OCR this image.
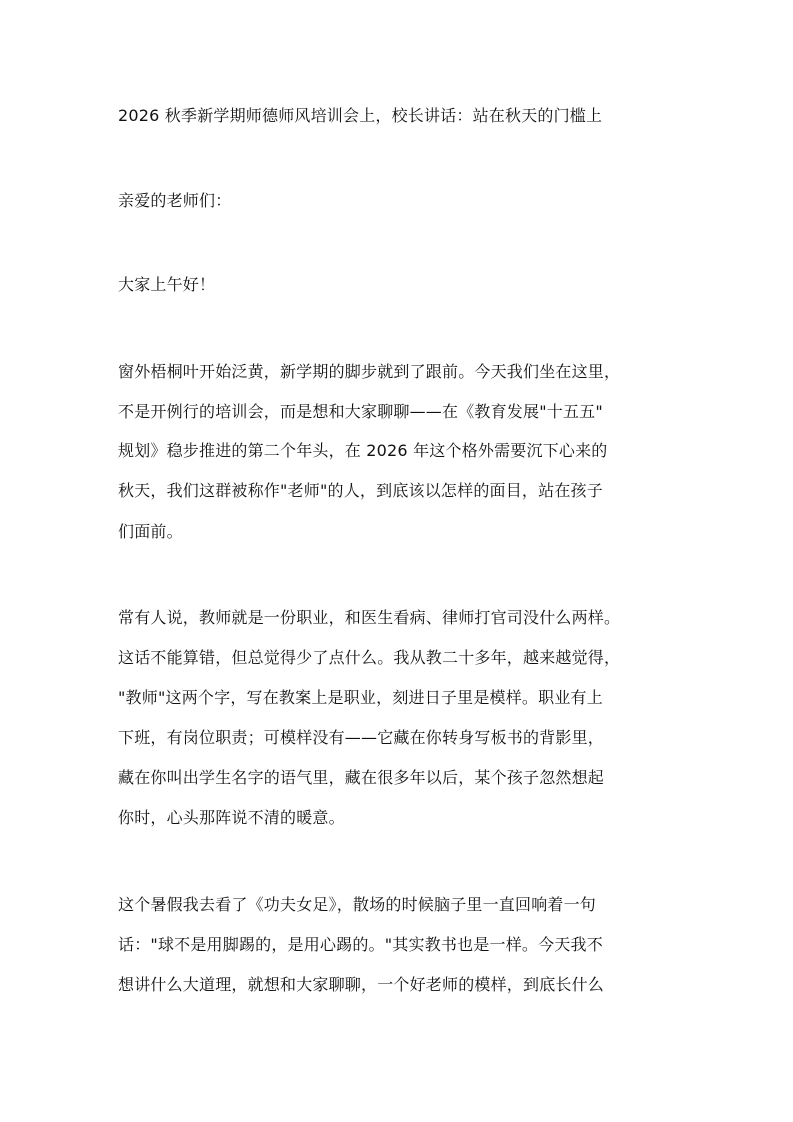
2026 秋季新学期师德师风培训会上，校长讲话：站在秋天的门槛上
亲爱的老师们：
大家上午好！
窗外梧桐叶开始泛黄，新学期的脚步就到了跟前。今天我们坐在这里，
不是开例行的培训会，而是想和大家聊聊——在《教育发展"十五五"
规划》稳步推进的第二个年头，在 2026 年这个格外需要沉下心来的
秋天，我们这群被称作"老师"的人，到底该以怎样的面目，站在孩子
们面前。
常有人说，教师就是一份职业，和医生看病、律师打官司没什么两样。
这话不能算错，但总觉得少了点什么。我从教二十多年，越来越觉得，
"教师"这两个字，写在教案上是职业，刻进日子里是模样。职业有上
下班，有岗位职责；可模样没有——它藏在你转身写板书的背影里，
藏在你叫出学生名字的语气里，藏在很多年以后，某个孩子忽然想起
你时，心头那阵说不清的暖意。
这个暑假我去看了《功夫女足》，散场的时候脑子里一直回响着一句
话："球不是用脚踢的，是用心踢的。"其实教书也是一样。今天我不
想讲什么大道理，就想和大家聊聊，一个好老师的模样，到底长什么
